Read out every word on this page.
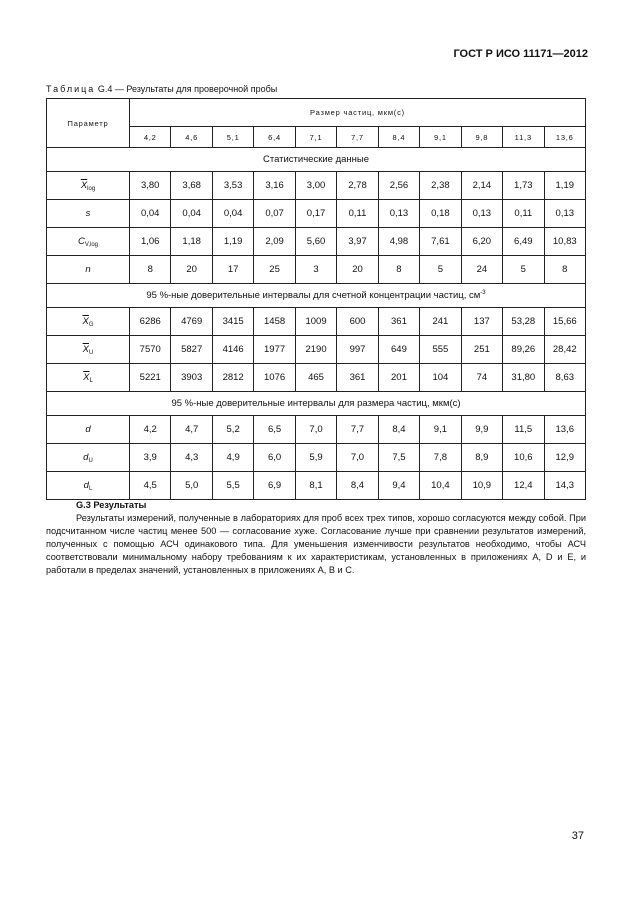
ГОСТ Р ИСО 11171—2012
Таблица G.4 — Результаты для проверочной пробы
Параметр	Размер частиц, мкм(с)										
	4,2	4,6	5,1	6,4	7,1	7,7	8,4	9,1	9,8	11,3	13,6
Статистические данные											
$\overline{X}_{log}$	3,80	3,68	3,53	3,16	3,00	2,78	2,56	2,38	2,14	1,73	1,19
s	0,04	0,04	0,04	0,07	0,17	0,11	0,13	0,18	0,13	0,11	0,13
$C_{V,log}$	1,06	1,18	1,19	2,09	5,60	3,97	4,98	7,61	6,20	6,49	10,83
n	8	20	17	25	3	20	8	5	24	5	8
95 %-ные доверительные интервалы для счетной концентрации частиц, $см^{-3}$
$\overline{X}_G$	6286	4769	3415	1458	1009	600	361	241	137	53,28	15,66
$\overline{X}_U$	7570	5827	4146	1977	2190	997	649	555	251	89,26	28,42
$\overline{X}_L$	5221	3903	2812	1076	465	361	201	104	74	31,80	8,63
95 %-ные доверительные интервалы для размера частиц, мкм(с)											
d	4,2	4,7	5,2	6,5	7,0	7,7	8,4	9,1	9,9	11,5	13,6
$d_U$	3,9	4,3	4,9	6,0	5,9	7,0	7,5	7,8	8,9	10,6	12,9
$d_L$	4,5	5,0	5,5	6,9	8,1	8,4	9,4	10,4	10,9	12,4	14,3
G.3 Результаты

Результаты измерений, полученные в лабораториях для проб всех трех типов, хорошо согласуются между собой. При подсчитанном числе частиц менее 500 — согласование хуже. Согласование лучше при сравнении результатов измерений, полученных с помощью АСЧ одинакового типа. Для уменьшения изменчивости результатов необходимо, чтобы АСЧ соответствовали минимальному набору требованиям к их характеристикам, установленных в приложениях А, D и Е, и работали в пределах значений, установленных в приложениях А, В и С.

37
